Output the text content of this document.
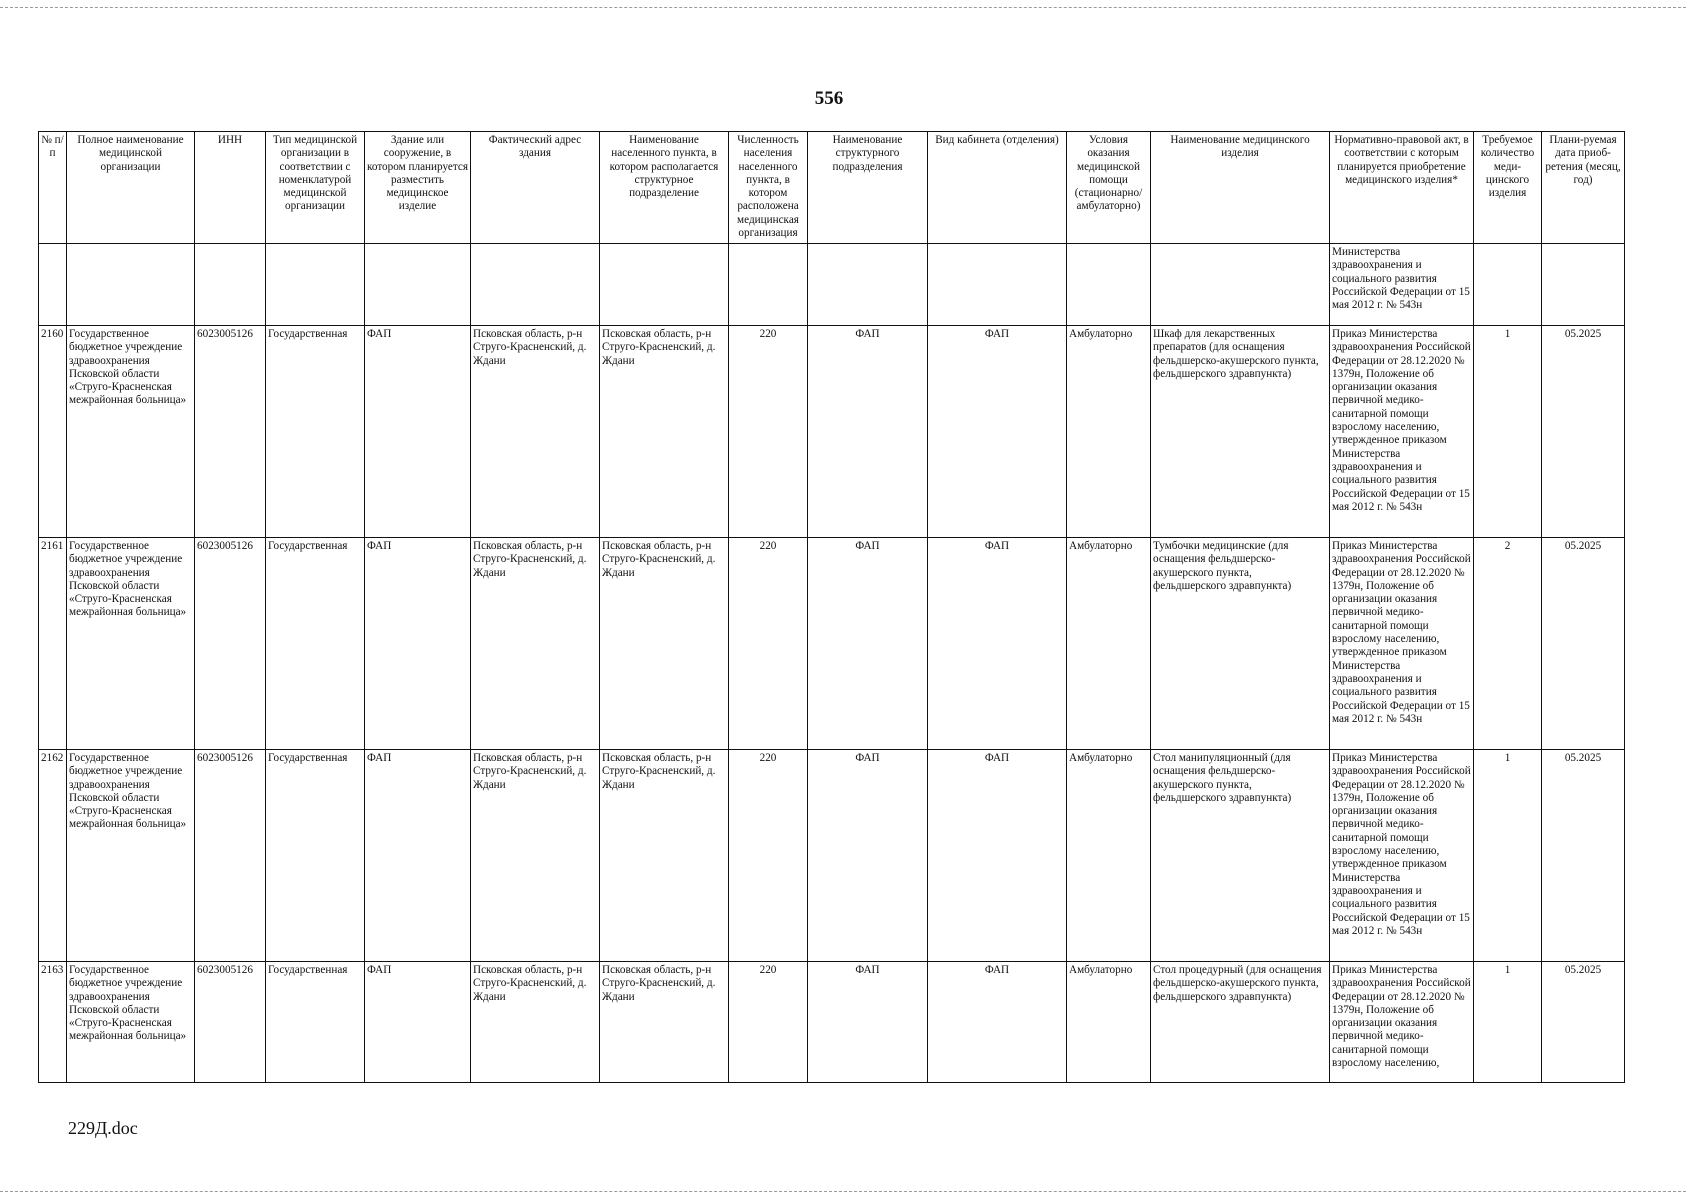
556
№ п/п	Полное наименование медицинской организации	ИНН	Тип медицинской организации в соответствии с номенклатурой медицинской организации	Здание или сооружение, в котором планируется разместить медицинское изделие	Фактический адрес здания	Наименование населенного пункта, в котором располагается структурное подразделение	Численность населения населенного пункта, в котором расположена медицинская организация	Наименование структурного подразделения	Вид кабинета (отделения)	Условия оказания медицинской помощи (стационарно/ амбулаторно)	Наименование медицинского изделия	Нормативно-правовой акт, в соответствии с которым планируется приобретение медицинского изделия*	Требуемое количество меди-цинского изделия	Плани-руемая дата приоб-ретения (месяц, год)
												Министерства здравоохранения и социального развития Российской Федерации от 15 мая 2012 г. № 543н		
2160	Государственное бюджетное учреждение здравоохранения Псковской области «Струго-Красненская межрайонная больница»	6023005126	Государственная	ФАП	Псковская область, р-н Струго-Красненский, д. Ждани	Псковская область, р-н Струго-Красненский, д. Ждани	220	ФАП	ФАП	Амбулаторно	Шкаф для лекарственных препаратов (для оснащения фельдшерско-акушерского пункта, фельдшерского здравпункта)	Приказ Министерства здравоохранения Российской Федерации от 28.12.2020 № 1379н, Положение об организации оказания первичной медико-санитарной помощи взрослому населению, утвержденное приказом Министерства здравоохранения и социального развития Российской Федерации от 15 мая 2012 г. № 543н	1	05.2025
2161	Государственное бюджетное учреждение здравоохранения Псковской области «Струго-Красненская межрайонная больница»	6023005126	Государственная	ФАП	Псковская область, р-н Струго-Красненский, д. Ждани	Псковская область, р-н Струго-Красненский, д. Ждани	220	ФАП	ФАП	Амбулаторно	Тумбочки медицинские (для оснащения фельдшерско-акушерского пункта, фельдшерского здравпункта)	Приказ Министерства здравоохранения Российской Федерации от 28.12.2020 № 1379н, Положение об организации оказания первичной медико-санитарной помощи взрослому населению, утвержденное приказом Министерства здравоохранения и социального развития Российской Федерации от 15 мая 2012 г. № 543н	2	05.2025
2162	Государственное бюджетное учреждение здравоохранения Псковской области «Струго-Красненская межрайонная больница»	6023005126	Государственная	ФАП	Псковская область, р-н Струго-Красненский, д. Ждани	Псковская область, р-н Струго-Красненский, д. Ждани	220	ФАП	ФАП	Амбулаторно	Стол манипуляционный (для оснащения фельдшерско-акушерского пункта, фельдшерского здравпункта)	Приказ Министерства здравоохранения Российской Федерации от 28.12.2020 № 1379н, Положение об организации оказания первичной медико-санитарной помощи взрослому населению, утвержденное приказом Министерства здравоохранения и социального развития Российской Федерации от 15 мая 2012 г. № 543н	1	05.2025
2163	Государственное бюджетное учреждение здравоохранения Псковской области «Струго-Красненская межрайонная больница»	6023005126	Государственная	ФАП	Псковская область, р-н Струго-Красненский, д. Ждани	Псковская область, р-н Струго-Красненский, д. Ждани	220	ФАП	ФАП	Амбулаторно	Стол процедурный (для оснащения фельдшерско-акушерского пункта, фельдшерского здравпункта)	Приказ Министерства здравоохранения Российской Федерации от 28.12.2020 № 1379н, Положение об организации оказания первичной медико-санитарной помощи взрослому населению,	1	05.2025
229Д.doc
